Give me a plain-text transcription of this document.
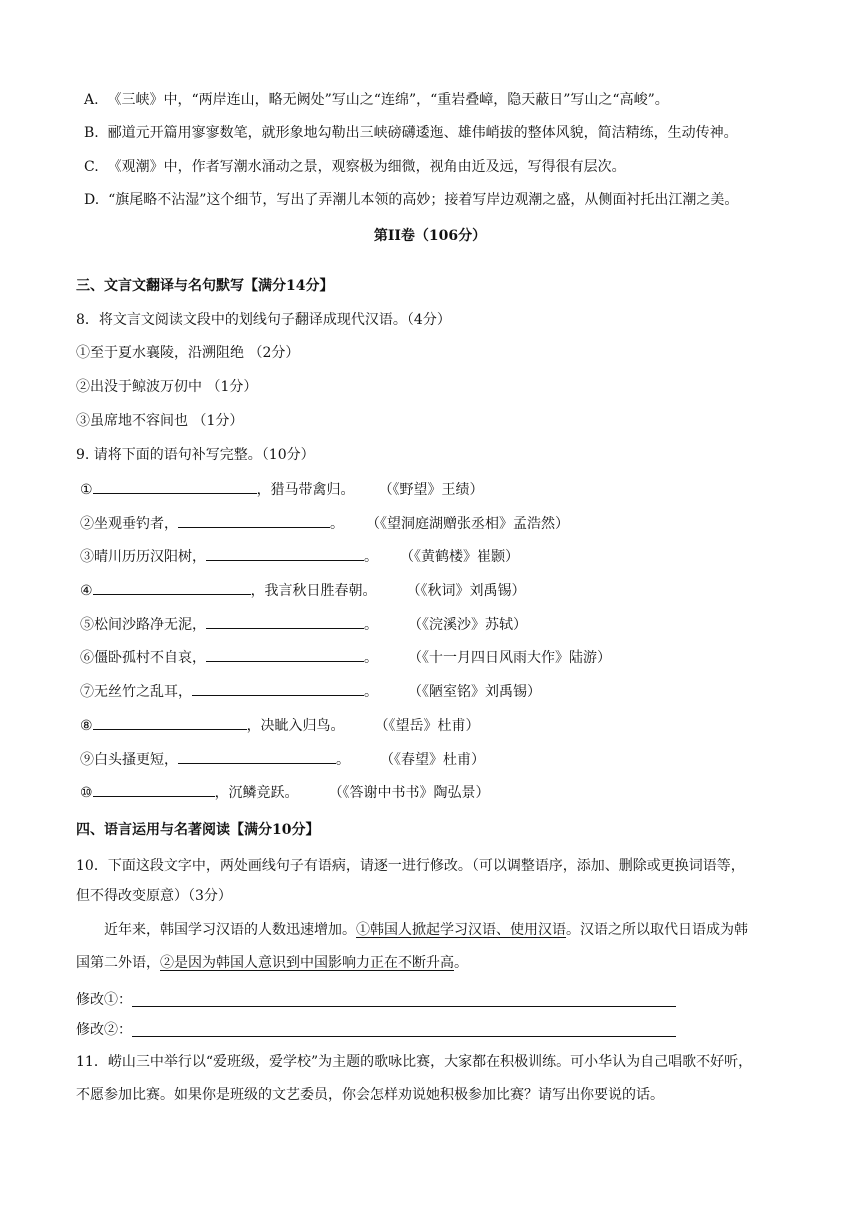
A. 《三峡》中，“两岸连山，略无阙处”写山之“连绵”，“重岩叠嶂，隐天蔽日”写山之“高峻”。
B. 郦道元开篇用寥寥数笔，就形象地勾勒出三峡磅礴逶迤、雄伟峭拔的整体风貌，简洁精练，生动传神。
C. 《观潮》中，作者写潮水涌动之景，观察极为细微，视角由近及远，写得很有层次。
D. “旗尾略不沾湿”这个细节，写出了弄潮儿本领的高妙；接着写岸边观潮之盛，从侧面衬托出江潮之美。
第II卷（106分）
三、文言文翻译与名句默写【满分14分】
8．将文言文阅读文段中的划线句子翻译成现代汉语。（4分）
①至于夏水襄陵，沿溯阻绝 （2分）
②出没于鲸波万仞中 （1分）
③虽席地不容间也 （1分）
9. 请将下面的语句补写完整。（10分）
①	，猎马带禽归。 （《野望》王绩）
②坐观垂钓者，	。 （《望洞庭湖赠张丞相》孟浩然）
③晴川历历汉阳树，	。 （《黄鹤楼》崔颢）
④	，我言秋日胜春朝。 （《秋词》刘禹锡）
⑤松间沙路净无泥，	。 （《浣溪沙》苏轼）
⑥僵卧孤村不自哀，	。 （《十一月四日风雨大作》陆游）
⑦无丝竹之乱耳，	。 （《陋室铭》刘禹锡）
⑧	，决眦入归鸟。 （《望岳》杜甫）
⑨白头搔更短，	。 （《春望》杜甫）
⑩	，沉鳞竞跃。 （《答谢中书书》陶弘景）
四、语言运用与名著阅读【满分10分】
10．下面这段文字中，两处画线句子有语病，请逐一进行修改。（可以调整语序，添加、删除或更换词语等，
但不得改变原意）（3分）
近年来，韩国学习汉语的人数迅速增加。①韩国人掀起学习汉语、使用汉语。汉语之所以取代日语成为韩
国第二外语，②是因为韩国人意识到中国影响力正在不断升高。
修改①：
修改②：
11．崂山三中举行以“爱班级，爱学校”为主题的歌咏比赛，大家都在积极训练。可小华认为自己唱歌不好听，
不愿参加比赛。如果你是班级的文艺委员，你会怎样劝说她积极参加比赛？请写出你要说的话。
